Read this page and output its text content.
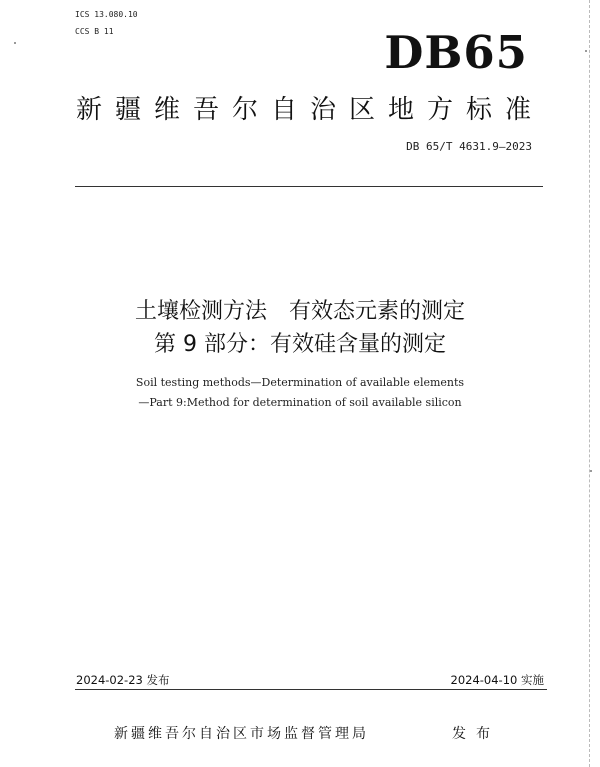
ICS 13.080.10
CCS B 11	DB65
新疆维吾尔自治区地方标准
DB 65/T 4631.9—2023
土壤检测方法　有效态元素的测定
第 9 部分：有效硅含量的测定
Soil testing methods—Determination of available elements
—Part 9:Method for determination of soil available silicon
2024-02-23 发布	2024-04-10 实施
新疆维吾尔自治区市场监督管理局	发布
